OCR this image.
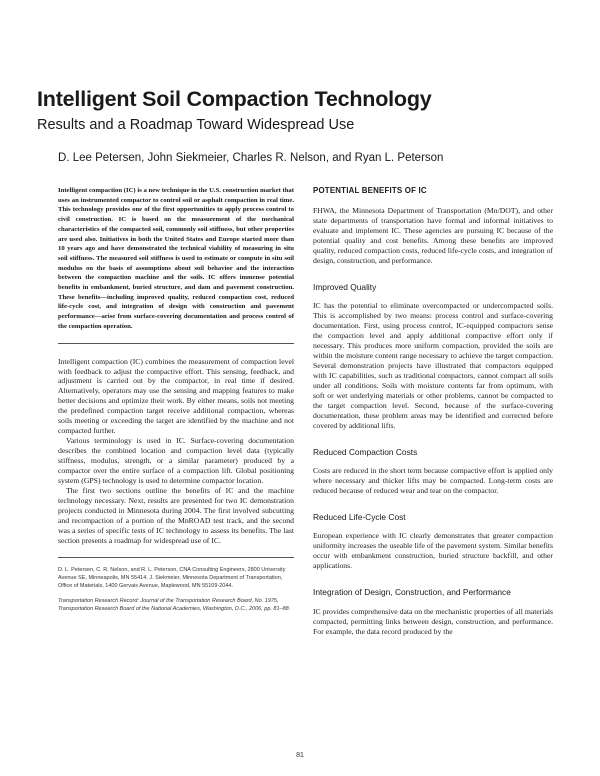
Intelligent Soil Compaction Technology
Results and a Roadmap Toward Widespread Use
D. Lee Petersen, John Siekmeier, Charles R. Nelson, and Ryan L. Peterson

Intelligent compaction (IC) is a new technique in the U.S. construction market that uses an instrumented compactor to control soil or asphalt compaction in real time. This technology provides one of the first opportunities to apply process control to civil construction. IC is based on the measurement of the mechanical characteristics of the compacted soil, commonly soil stiffness, but other properties are used also. Initiatives in both the United States and Europe started more than 10 years ago and have demonstrated the technical viability of measuring in situ soil stiffness. The measured soil stiffness is used to estimate or compute in situ soil modulus on the basis of assumptions about soil behavior and the interaction between the compaction machine and the soils. IC offers immense potential benefits in embankment, buried structure, and dam and pavement construction. These benefits—including improved quality, reduced compaction cost, reduced life-cycle cost, and integration of design with construction and pavement performance—arise from surface-covering documentation and process control of the compaction operation.

Intelligent compaction (IC) combines the measurement of compaction level with feedback to adjust the compactive effort. This sensing, feedback, and adjustment is carried out by the compactor, in real time if desired. Alternatively, operators may use the sensing and mapping features to make better decisions and optimize their work. By either means, soils not meeting the predefined compaction target receive additional compaction, whereas soils meeting or exceeding the target are identified by the machine and not compacted further.

Various terminology is used in IC. Surface-covering documentation describes the combined location and compaction level data (typically stiffness, modulus, strength, or a similar parameter) produced by a compactor over the entire surface of a compaction lift. Global positioning system (GPS) technology is used to determine compactor location.

The first two sections outline the benefits of IC and the machine technology necessary. Next, results are presented for two IC demonstration projects conducted in Minnesota during 2004. The first involved subcutting and recompaction of a portion of the MnROAD test track, and the second was a series of specific tests of IC technology to assess its benefits. The last section presents a roadmap for widespread use of IC.

D. L. Petersen, C. R. Nelson, and R. L. Peterson, CNA Consulting Engineers, 2800 University Avenue SE, Minneapolis, MN 55414. J. Siekmeier, Minnesota Department of Transportation, Office of Materials, 1400 Gervais Avenue, Maplewood, MN 55109-2044.

Transportation Research Record: Journal of the Transportation Research Board, No. 1975, Transportation Research Board of the National Academies, Washington, D.C., 2006, pp. 81–88.

POTENTIAL BENEFITS OF IC

FHWA, the Minnesota Department of Transportation (Mn/DOT), and other state departments of transportation have formal and informal initiatives to evaluate and implement IC. These agencies are pursuing IC because of the potential quality and cost benefits. Among these benefits are improved quality, reduced compaction costs, reduced life-cycle costs, and integration of design, construction, and performance.

Improved Quality

IC has the potential to eliminate overcompacted or undercompacted soils. This is accomplished by two means: process control and surface-covering documentation. First, using process control, IC-equipped compactors sense the compaction level and apply additional compactive effort only if necessary. This produces more uniform compaction, provided the soils are within the moisture content range necessary to achieve the target compaction. Several demonstration projects have illustrated that compactors equipped with IC capabilities, such as traditional compactors, cannot compact all soils under all conditions. Soils with moisture contents far from optimum, with soft or wet underlying materials or other problems, cannot be compacted to the target compaction level. Second, because of the surface-covering documentation, these problem areas may be identified and corrected before covered by additional lifts.

Reduced Compaction Costs

Costs are reduced in the short term because compactive effort is applied only where necessary and thicker lifts may be compacted. Long-term costs are reduced because of reduced wear and tear on the compactor.

Reduced Life-Cycle Cost

European experience with IC clearly demonstrates that greater compaction uniformity increases the useable life of the pavement system. Similar benefits occur with embankment construction, buried structure backfill, and other applications.

Integration of Design, Construction, and Performance

IC provides comprehensive data on the mechanistic properties of all materials compacted, permitting links between design, construction, and performance. For example, the data record produced by the

81
